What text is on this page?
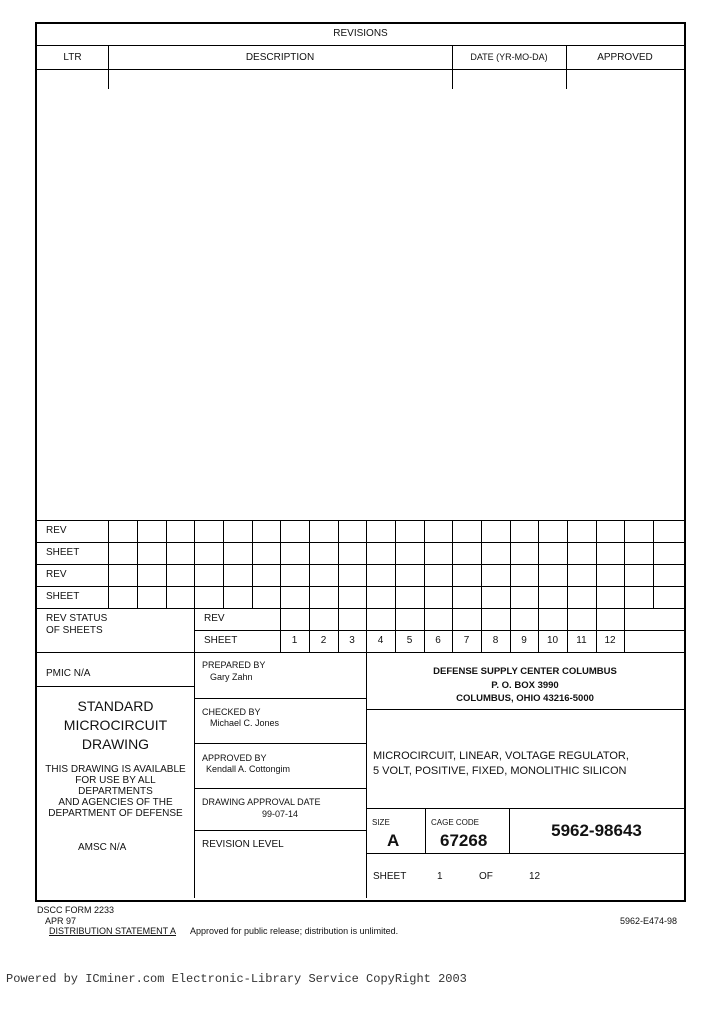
REVISIONS
LTR	DESCRIPTION	DATE (YR-MO-DA)	APPROVED
REV
SHEET
REV
SHEET
REV STATUS
OF SHEETS
REV
SHEET	1	2	3	4	5	6	7	8	9	10	11	12
PMIC N/A
STANDARD
MICROCIRCUIT
DRAWING
THIS DRAWING IS AVAILABLE
FOR USE BY ALL
DEPARTMENTS
AND AGENCIES OF THE
DEPARTMENT OF DEFENSE
AMSC N/A
PREPARED BY
Gary Zahn
CHECKED BY
Michael C. Jones
APPROVED BY
Kendall A. Cottongim
DRAWING APPROVAL DATE
99-07-14
REVISION LEVEL
DEFENSE SUPPLY CENTER COLUMBUS
P. O. BOX 3990
COLUMBUS, OHIO 43216-5000
MICROCIRCUIT, LINEAR, VOLTAGE REGULATOR,
5 VOLT, POSITIVE, FIXED, MONOLITHIC SILICON
SIZE
A
CAGE CODE
67268
5962-98643
SHEET	1	OF	12
DSCC FORM 2233
APR 97	5962-E474-98
DISTRIBUTION STATEMENT A Approved for public release; distribution is unlimited.
Powered by ICminer.com Electronic-Library Service CopyRight 2003
